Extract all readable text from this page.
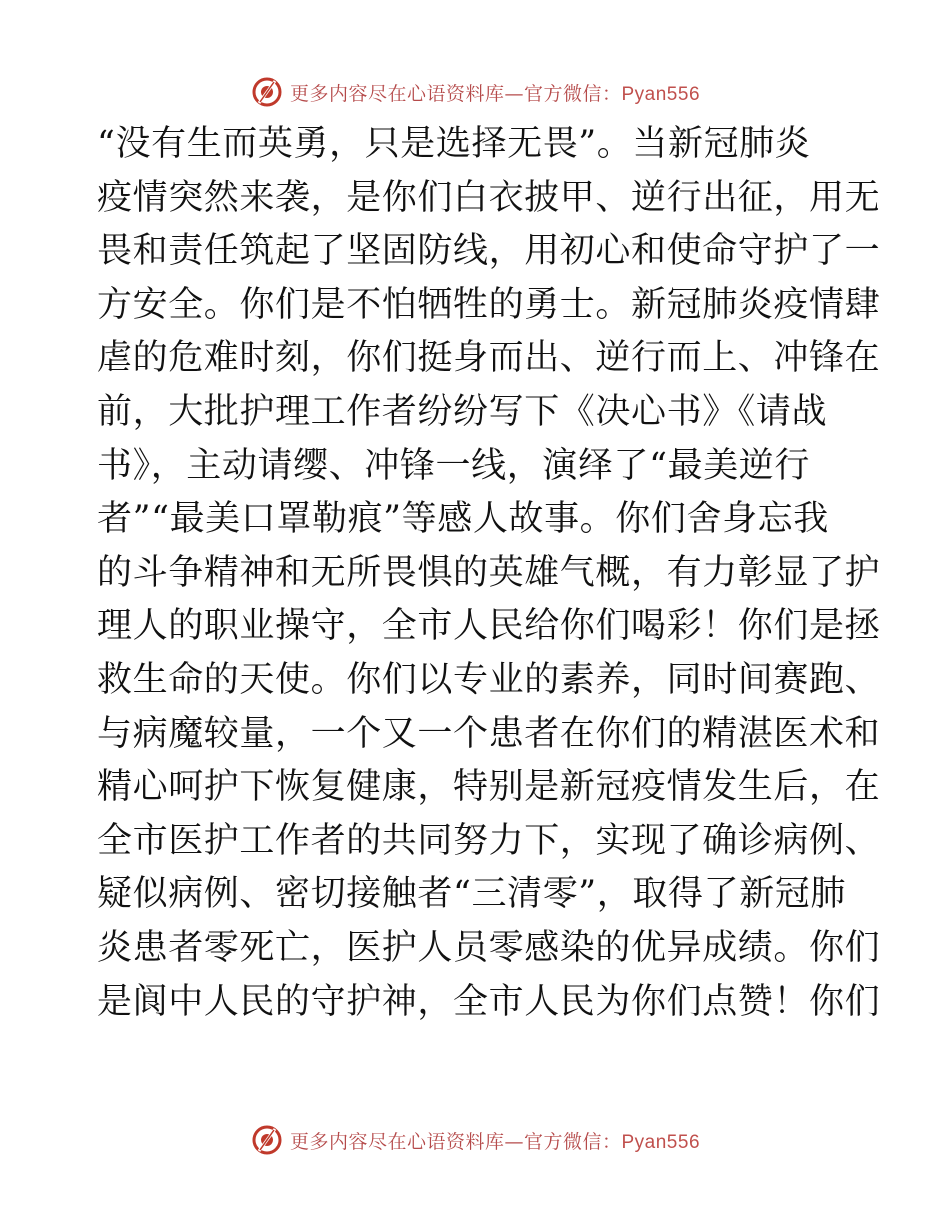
更多内容尽在心语资料库—官方微信：Pyan556
“没有生而英勇，只是选择无畏”。当新冠肺炎
疫情突然来袭，是你们白衣披甲、逆行出征，用无
畏和责任筑起了坚固防线，用初心和使命守护了一
方安全。你们是不怕牺牲的勇士。新冠肺炎疫情肆
虐的危难时刻，你们挺身而出、逆行而上、冲锋在
前，大批护理工作者纷纷写下《决心书》《请战
书》，主动请缨、冲锋一线，演绎了“最美逆行
者”“最美口罩勒痕”等感人故事。你们舍身忘我
的斗争精神和无所畏惧的英雄气概，有力彰显了护
理人的职业操守，全市人民给你们喝彩！你们是拯
救生命的天使。你们以专业的素养，同时间赛跑、
与病魔较量，一个又一个患者在你们的精湛医术和
精心呵护下恢复健康，特别是新冠疫情发生后，在
全市医护工作者的共同努力下，实现了确诊病例、
疑似病例、密切接触者“三清零”，取得了新冠肺
炎患者零死亡，医护人员零感染的优异成绩。你们
是阆中人民的守护神，全市人民为你们点赞！你们
更多内容尽在心语资料库—官方微信：Pyan556
